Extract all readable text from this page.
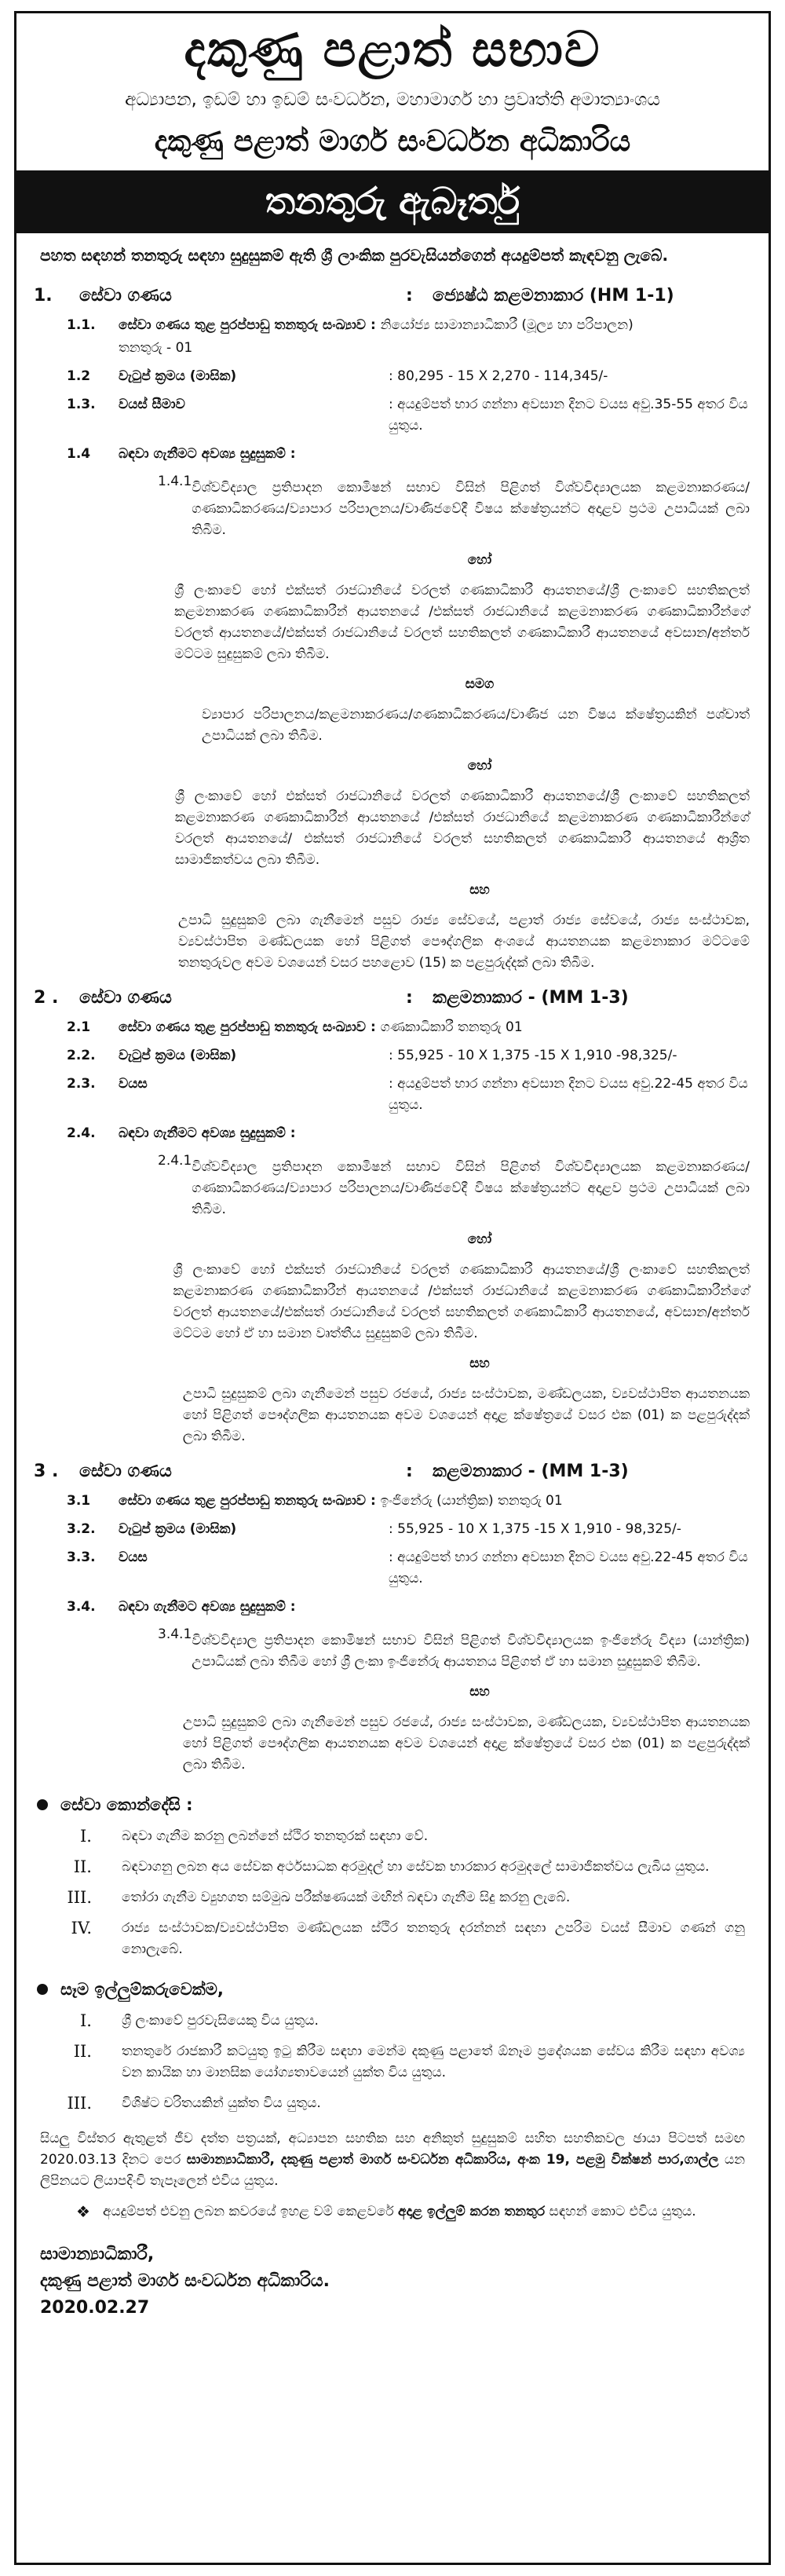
දකුණු පළාත් සභාව
අධ්‍යාපන, ඉඩම් හා ඉඩම් සංවර්ධන, මහාමාර්ග හා ප්‍රවෘත්ති අමාත්‍යාංශය
දකුණු පළාත් මාර්ග සංවර්ධන අධිකාරිය
තනතුරු ඇබෑර්තු
පහත සඳහන් තනතුරු සඳහා සුදුසුකම් ඇති ශ්‍රී ලාංකික පුරවැසියන්ගෙන් අයදුම්පත් කැඳවනු ලැබේ.
1.	සේවා ගණය	:	ජ්‍යෙෂ්ඨ කළමනාකාර (HM 1-1)
1.1.	සේවා ගණය තුළ පුරප්පාඩු තනතුරු සංඛ්‍යාව : නියෝජ්‍ය සාමාන්‍යාධිකාරී (මූල්‍ය හා පරිපාලන)
තනතුරු - 01
1.2	වැටුප් ක්‍රමය (මාසික)	: 80,295 - 15 X 2,270 - 114,345/-
1.3.	වයස් සීමාව	: අයදුම්පත් භාර ගන්නා අවසාන දිනට වයස අවු.35-55 අතර විය යුතුය.
1.4	බඳවා ගැනීමට අවශ්‍ය සුදුසුකම් :
1.4.1 විශ්වවිද්‍යාල ප්‍රතිපාදන කොමිෂන් සභාව විසින් පිළිගත් විශ්වවිද්‍යාලයක කළමනාකරණය/ ගණකාධිකරණය/ව්‍යාපාර පරිපාලනය/වාණිජවේදී විෂය ක්ෂේත්‍රයන්ට අදාළව ප්‍රථම උපාධියක් ලබා තිබීම.
හෝ
ශ්‍රී ලංකාවේ හෝ එක්සත් රාජධානියේ වරලත් ගණකාධිකාරී ආයතනයේ/ශ්‍රී ලංකාවේ සහතිකලත් කළමනාකරණ ගණකාධිකාරීන් ආයතනයේ /එක්සත් රාජධානියේ කළමනාකරණ ගණකාධිකාරීන්ගේ වරලත් ආයතනයේ/එක්සත් රාජධානියේ වරලත් සහතිකලත් ගණකාධිකාරී ආයතනයේ අවසාන/අන්තර් මට්ටම සුදුසුකම් ලබා තිබීම.
සමග
ව්‍යාපාර පරිපාලනය/කළමනාකරණය/ගණකාධිකරණය/වාණිජ යන විෂය ක්ෂේත්‍රයකින් පශ්චාත් උපාධියක් ලබා තිබීම.
හෝ
ශ්‍රී ලංකාවේ හෝ එක්සත් රාජධානියේ වරලත් ගණකාධිකාරී ආයතනයේ/ශ්‍රී ලංකාවේ සහතිකලත් කළමනාකරණ ගණකාධිකාරීන් ආයතනයේ /එක්සත් රාජධානියේ කළමනාකරණ ගණකාධිකාරීන්ගේ වරලත් ආයතනයේ/ එක්සත් රාජධානියේ වරලත් සහතිකලත් ගණකාධිකාරී ආයතනයේ ආශ්‍රිත සාමාජිකත්වය ලබා තිබීම.
සහ
උපාධි සුදුසුකම් ලබා ගැනීමෙන් පසුව රාජ්‍ය සේවයේ, පළාත් රාජ්‍ය සේවයේ, රාජ්‍ය සංස්ථාවක, ව්‍යවස්ථාපිත මණ්ඩලයක හෝ පිළිගත් පෞද්ගලික අංශයේ ආයතනයක කළමනාකාර මට්ටමේ තනතුරුවල අවම වශයෙන් වසර පහළොව (15) ක පළපුරුද්දක් ලබා තිබීම.
2 .	සේවා ගණය	:	කළමනාකාර - (MM 1-3)
2.1	සේවා ගණය තුළ පුරප්පාඩු තනතුරු සංඛ්‍යාව : ගණකාධිකාරී තනතුරු 01
2.2.	වැටුප් ක්‍රමය (මාසික)	: 55,925 - 10 X 1,375 -15 X 1,910 -98,325/-
2.3.	වයස	: අයදුම්පත් භාර ගන්නා අවසාන දිනට වයස අවු.22-45 අතර විය යුතුය.
2.4.	බඳවා ගැනීමට අවශ්‍ය සුදුසුකම් :
2.4.1 විශ්වවිද්‍යාල ප්‍රතිපාදන කොමිෂන් සභාව විසින් පිළිගත් විශ්වවිද්‍යාලයක කළමනාකරණය/ ගණකාධිකරණය/ව්‍යාපාර පරිපාලනය/වාණිජවේදී විෂය ක්ෂේත්‍රයන්ට අදාළව ප්‍රථම උපාධියක් ලබා තිබීම.
හෝ
ශ්‍රී ලංකාවේ හෝ එක්සත් රාජධානියේ වරලත් ගණකාධිකාරී ආයතනයේ/ශ්‍රී ලංකාවේ සහතිකලත් කළමනාකරණ ගණකාධිකාරීන් ආයතනයේ /එක්සත් රාජධානියේ කළමනාකරණ ගණකාධිකාරීන්ගේ වරලත් ආයතනයේ/එක්සත් රාජධානියේ වරලත් සහතිකලත් ගණකාධිකාරී ආයතනයේ, අවසාන/අන්තර් මට්ටම හෝ ඒ හා සමාන වෘත්තීය සුදුසුකම් ලබා තිබීම.
සහ
උපාධි සුදුසුකම් ලබා ගැනීමෙන් පසුව රජයේ, රාජ්‍ය සංස්ථාවක, මණ්ඩලයක, ව්‍යවස්ථාපිත ආයතනයක හෝ පිළිගත් පෞද්ගලික ආයතනයක අවම වශයෙන් අදාළ ක්ෂේත්‍රයේ වසර එක (01) ක පළපුරුද්දක් ලබා තිබීම.
3 .	සේවා ගණය	:	කළමනාකාර - (MM 1-3)
3.1	සේවා ගණය තුළ පුරප්පාඩු තනතුරු සංඛ්‍යාව : ඉංජිනේරු (යාන්ත්‍රික) තනතුරු 01
3.2.	වැටුප් ක්‍රමය (මාසික)	: 55,925 - 10 X 1,375 -15 X 1,910 - 98,325/-
3.3.	වයස	: අයදුම්පත් භාර ගන්නා අවසාන දිනට වයස අවු.22-45 අතර විය යුතුය.
3.4.	බඳවා ගැනීමට අවශ්‍ය සුදුසුකම් :
3.4.1 විශ්වවිද්‍යාල ප්‍රතිපාදන කොමිෂන් සභාව විසින් පිළිගත් විශ්වවිද්‍යාලයක ඉංජිනේරු විද්‍යා (යාන්ත්‍රික) උපාධියක් ලබා තිබීම හෝ ශ්‍රී ලංකා ඉංජිනේරු ආයතනය පිළිගත් ඒ හා සමාන සුදුසුකම් තිබීම.
සහ
උපාධි සුදුසුකම් ලබා ගැනීමෙන් පසුව රජයේ, රාජ්‍ය සංස්ථාවක, මණ්ඩලයක, ව්‍යවස්ථාපිත ආයතනයක හෝ පිළිගත් පෞද්ගලික ආයතනයක අවම වශයෙන් අදාළ ක්ෂේත්‍රයේ වසර එක (01) ක පළපුරුද්දක් ලබා තිබීම.
සේවා කොන්දේසි :
I.	බඳවා ගැනීම කරනු ලබන්නේ ස්ථිර තනතුරක් සඳහා වේ.
II.	බඳවාගනු ලබන අය සේවක අර්ථසාධක අරමුදල් හා සේවක භාරකාර අරමුදලේ සාමාජිකත්වය ලැබිය යුතුය.
III.	තෝරා ගැනීම ව්‍යුහගත සම්මුඛ පරීක්ෂණයක් මඟින් බඳවා ගැනීම සිදු කරනු ලැබේ.
IV.	රාජ්‍ය සංස්ථාවක/ව්‍යවස්ථාපිත මණ්ඩලයක ස්ථිර තනතුරු දරන්නන් සඳහා උපරිම වයස් සීමාව ගණන් ගනු නොලැබේ.
සෑම ඉල්ලුම්කරුවෙක්ම,
I.	ශ්‍රී ලංකාවේ පුරවැසියෙකු විය යුතුය.
II.	තනතුරේ රාජකාරී කටයුතු ඉටු කිරීම සඳහා මෙන්ම දකුණු පළාතේ ඕනෑම ප්‍රදේශයක සේවය කිරීම සඳහා අවශ්‍ය වන කායික හා මානසික යෝග්‍යතාවයෙන් යුක්ත විය යුතුය.
III.	විශිෂ්ට චරිතයකින් යුක්ත විය යුතුය.
සියලු විස්තර ඇතුළත් ජීව දත්ත පත්‍රයක්, අධ්‍යාපන සහතික සහ අනිකුත් සුදුසුකම් සහිත සහතිකවල ඡායා පිටපත් සමඟ 2020.03.13 දිනට පෙර සාමාන්‍යාධිකාරී, දකුණු පළාත් මාර්ග සංවර්ධන අධිකාරිය, අංක 19, පළමු වික්ෂන් පාර,ගාල්ල යන ලිපිනයට ලියාපදිංචි තැපෑලෙන් එවිය යුතුය.
❖ අයදුම්පත් එවනු ලබන කවරයේ ඉහළ වම් කෙළවරේ අදාළ ඉල්ලුම් කරන තනතුර සඳහන් කොට එවිය යුතුය.
සාමාන්‍යාධිකාරී,
දකුණු පළාත් මාර්ග සංවර්ධන අධිකාරිය.
2020.02.27
